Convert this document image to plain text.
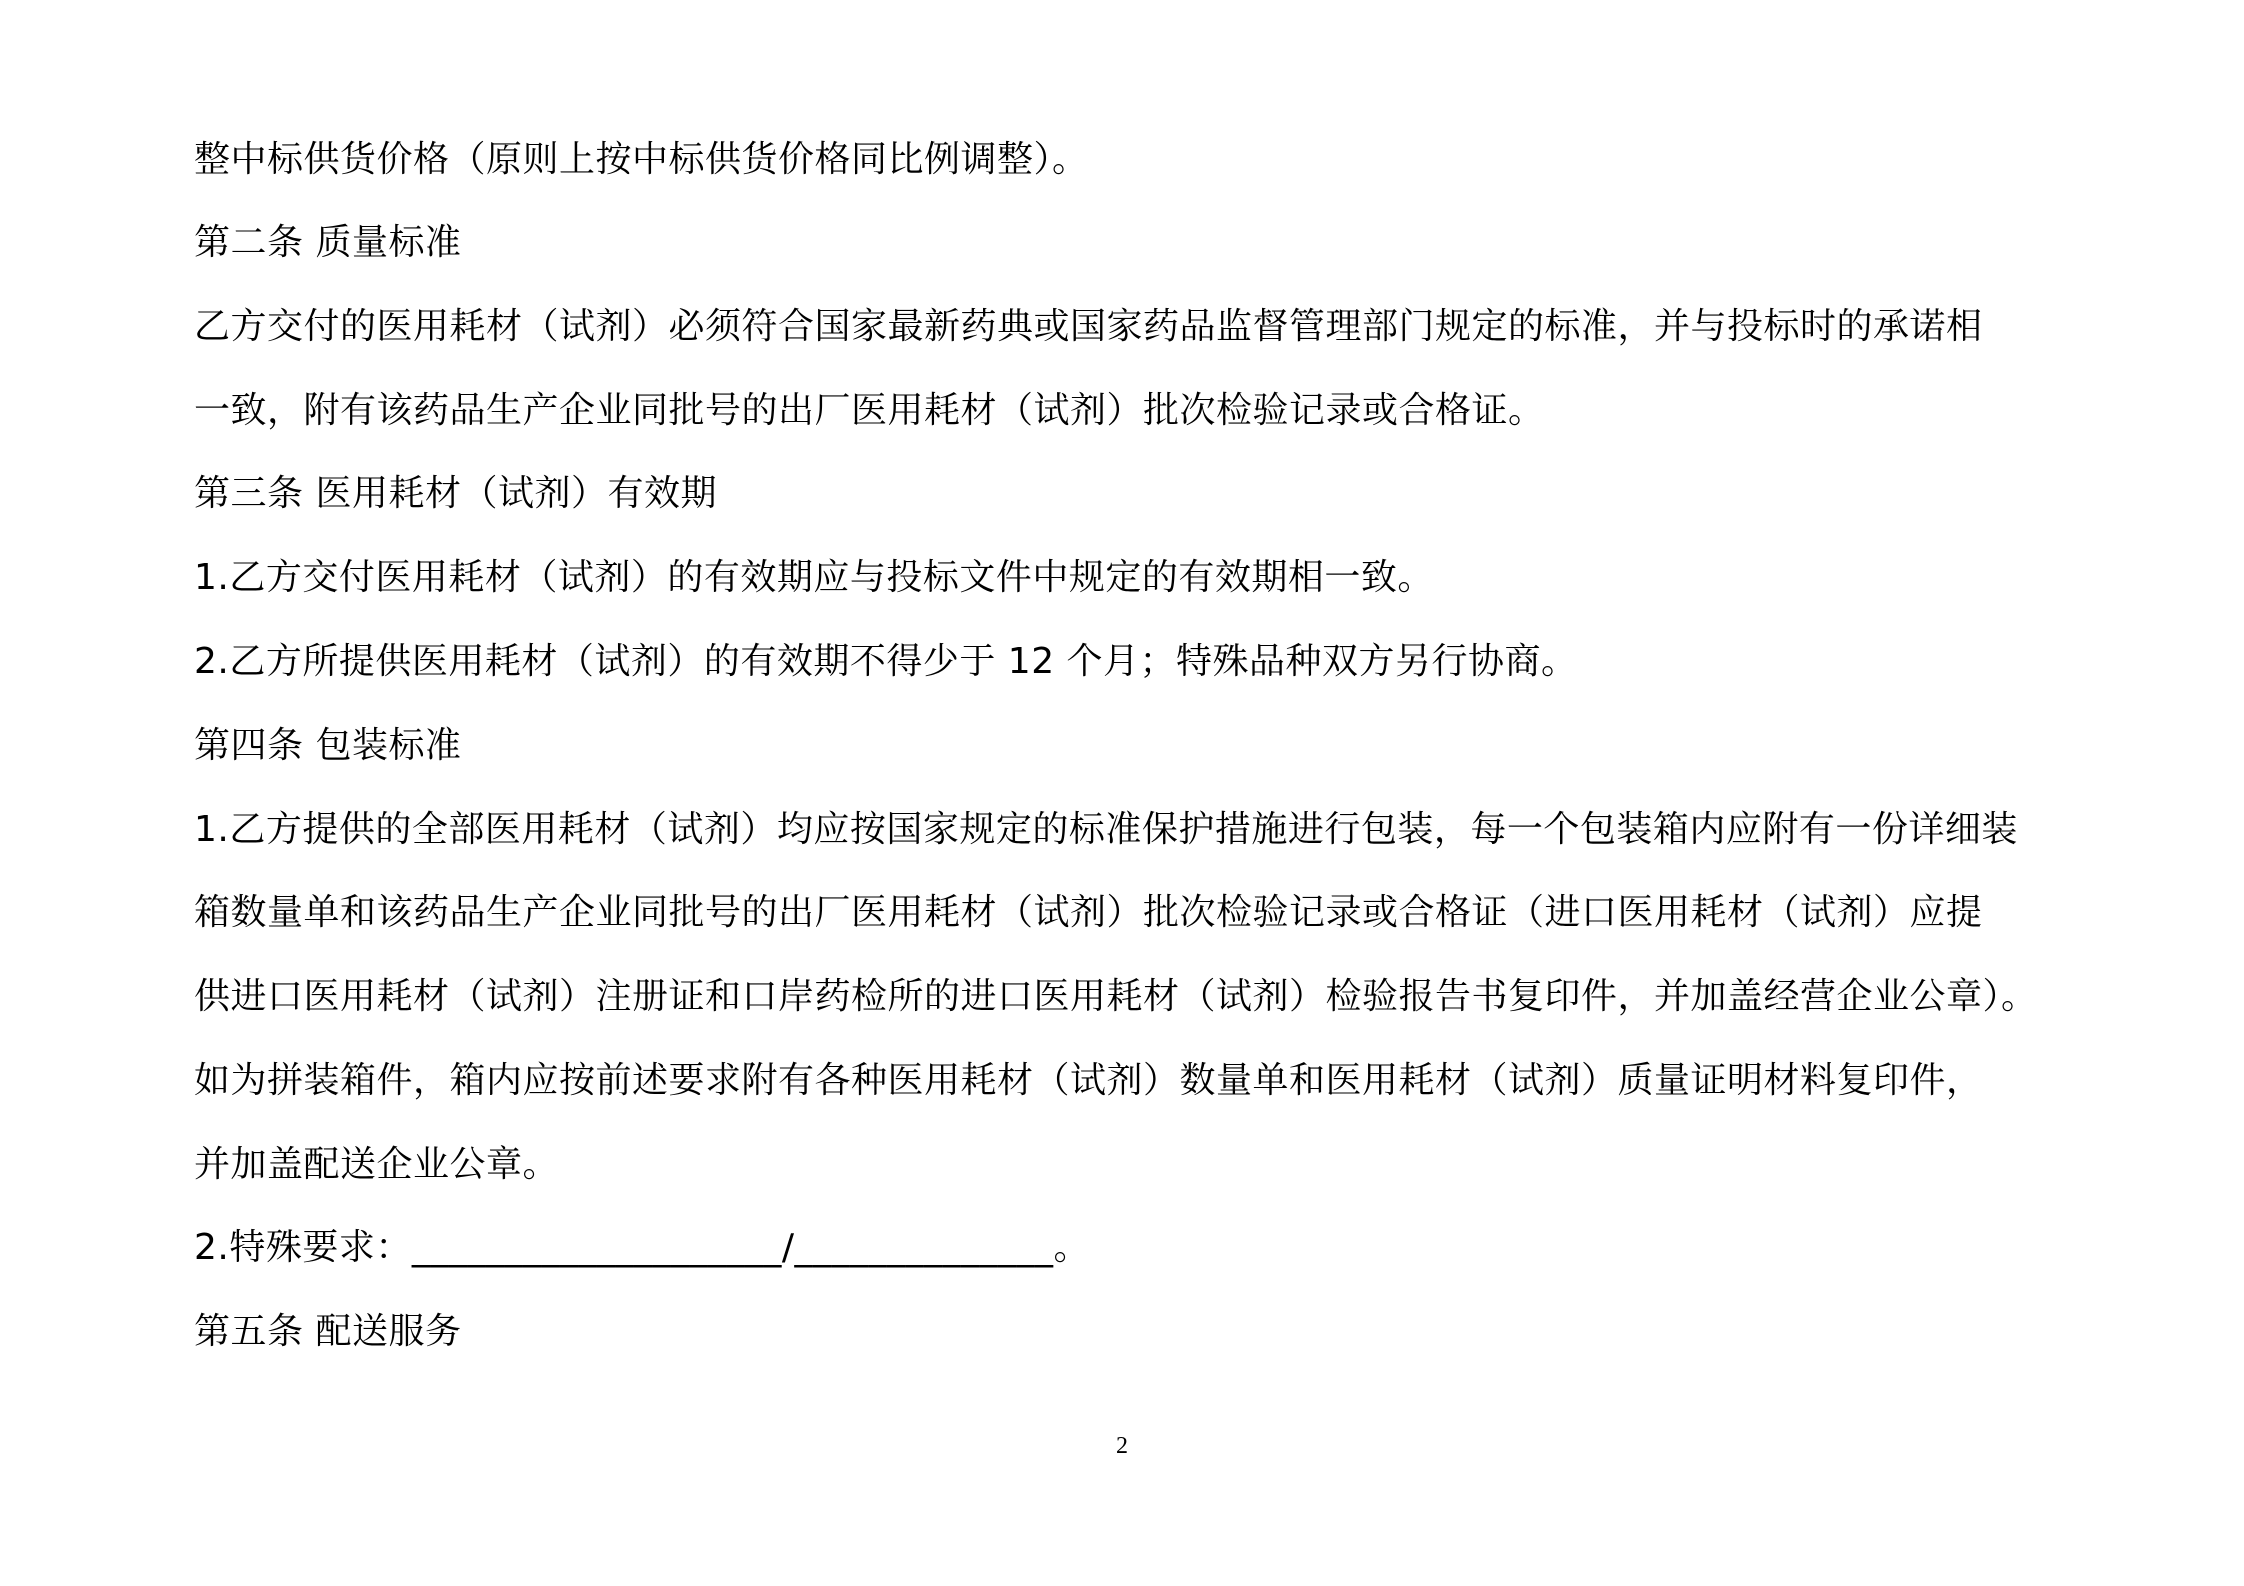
整中标供货价格（原则上按中标供货价格同比例调整）。
第二条 质量标准
乙方交付的医用耗材（试剂）必须符合国家最新药典或国家药品监督管理部门规定的标准，并与投标时的承诺相
一致，附有该药品生产企业同批号的出厂医用耗材（试剂）批次检验记录或合格证。
第三条 医用耗材（试剂）有效期
1.乙方交付医用耗材（试剂）的有效期应与投标文件中规定的有效期相一致。
2.乙方所提供医用耗材（试剂）的有效期不得少于 12 个月；特殊品种双方另行协商。
第四条 包装标准
1.乙方提供的全部医用耗材（试剂）均应按国家规定的标准保护措施进行包装，每一个包装箱内应附有一份详细装
箱数量单和该药品生产企业同批号的出厂医用耗材（试剂）批次检验记录或合格证（进口医用耗材（试剂）应提
供进口医用耗材（试剂）注册证和口岸药检所的进口医用耗材（试剂）检验报告书复印件，并加盖经营企业公章）。
如为拼装箱件，箱内应按前述要求附有各种医用耗材（试剂）数量单和医用耗材（试剂）质量证明材料复印件，
并加盖配送企业公章。
2.特殊要求：____________________/______________。
第五条 配送服务
2
